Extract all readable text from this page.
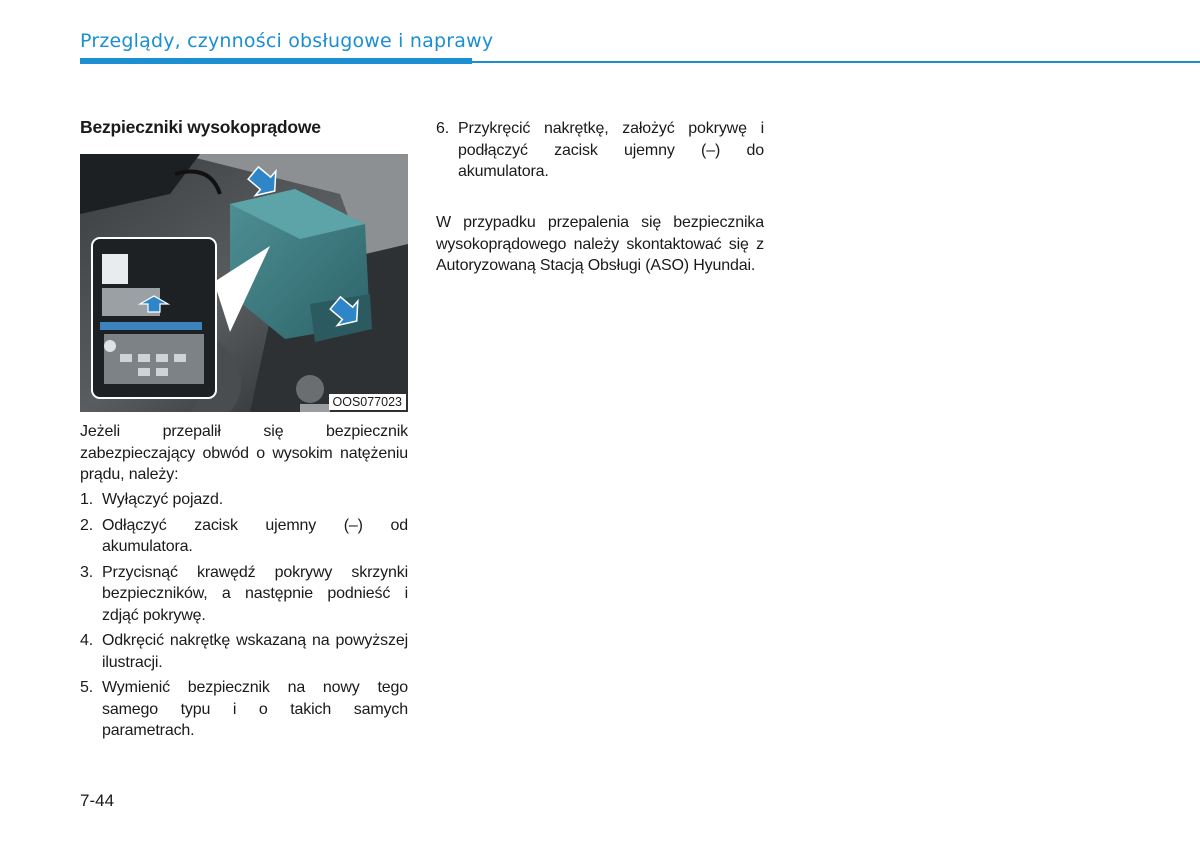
Przeglądy, czynności obsługowe i naprawy
Bezpieczniki wysokoprądowe
OOS077023

Jeżeli przepalił się bezpiecznik zabezpieczający obwód o wysokim natężeniu prądu, należy:

1. Wyłączyć pojazd.
2. Odłączyć zacisk ujemny (–) od akumulatora.
3. Przycisnąć krawędź pokrywy skrzynki bezpieczników, a następnie podnieść i zdjąć pokrywę.
4. Odkręcić nakrętkę wskazaną na powyższej ilustracji.
5. Wymienić bezpiecznik na nowy tego samego typu i o takich samych parametrach.
6. Przykręcić nakrętkę, założyć pokrywę i podłączyć zacisk ujemny (–) do akumulatora.

W przypadku przepalenia się bezpiecznika wysokoprądowego należy skontaktować się z Autoryzowaną Stacją Obsługi (ASO) Hyundai.

7-44
